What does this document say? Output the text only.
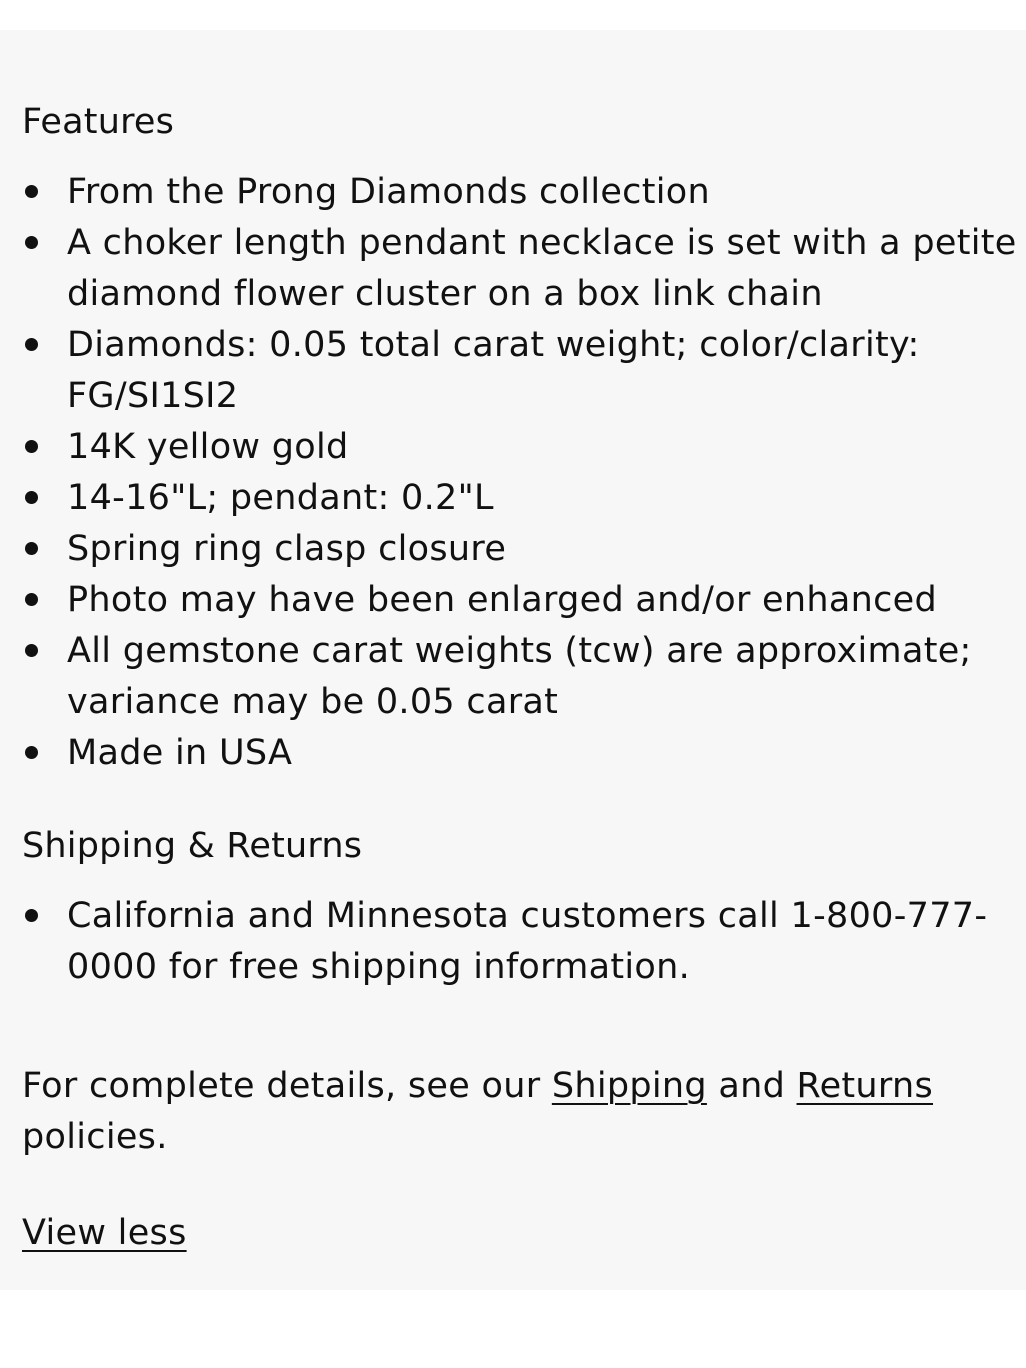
Features
From the Prong Diamonds collection
A choker length pendant necklace is set with a petite diamond flower cluster on a box link chain
Diamonds: 0.05 total carat weight; color/clarity: FG/SI1SI2
14K yellow gold
14-16"L; pendant: 0.2"L
Spring ring clasp closure
Photo may have been enlarged and/or enhanced
All gemstone carat weights (tcw) are approximate; variance may be 0.05 carat
Made in USA
Shipping & Returns
California and Minnesota customers call 1-800-777-0000 for free shipping information.

For complete details, see our Shipping and Returns policies.

View less
